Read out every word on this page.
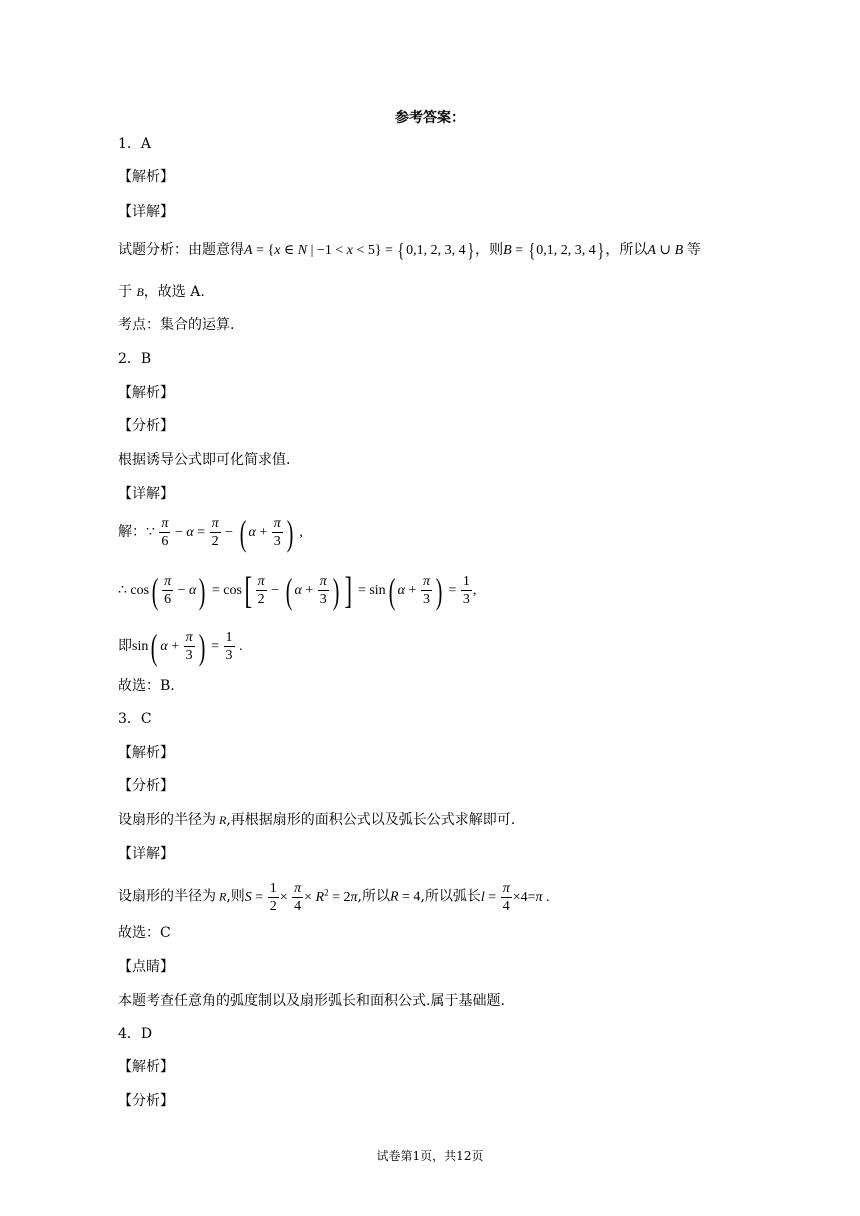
参考答案：
1．A
【解析】
【详解】
试题分析：由题意得A = {x ∈ N | −1 < x < 5} = {0,1, 2, 3, 4}，则B = {0,1, 2, 3, 4}，所以A ∪ B 等
于 B，故选 A.
考点：集合的运算.
2．B
【解析】
【分析】
根据诱导公式即可化简求值.
【详解】
解：∵ $\frac{\pi}{6} - \alpha = \frac{\pi}{2}$ − ( $\alpha + \frac{\pi}{3}$ ) ,
∴ $\cos( \frac{\pi}{6} - \alpha) = \cos[ \frac{\pi}{2}$ − ( $\alpha + \frac{\pi}{3}$ ) ] = sin( $\alpha + \frac{\pi}{3}$ ) = $\frac{1}{3}$ ,
即sin( $\alpha + \frac{\pi}{3}$ ) = $\frac{1}{3}$ .
故选：B.
3．C
【解析】
【分析】
设扇形的半径为 R,再根据扇形的面积公式以及弧长公式求解即可.
【详解】
设扇形的半径为 R,则$S = \frac{1}{2} \times \frac{\pi}{4} \times R^2 = 2\pi$,所以R = 4,所以弧长$l = \frac{\pi}{4} \times 4=\pi$ .
故选：C
【点睛】
本题考查任意角的弧度制以及扇形弧长和面积公式.属于基础题.
4．D
【解析】
【分析】
试卷第1页，共12页
